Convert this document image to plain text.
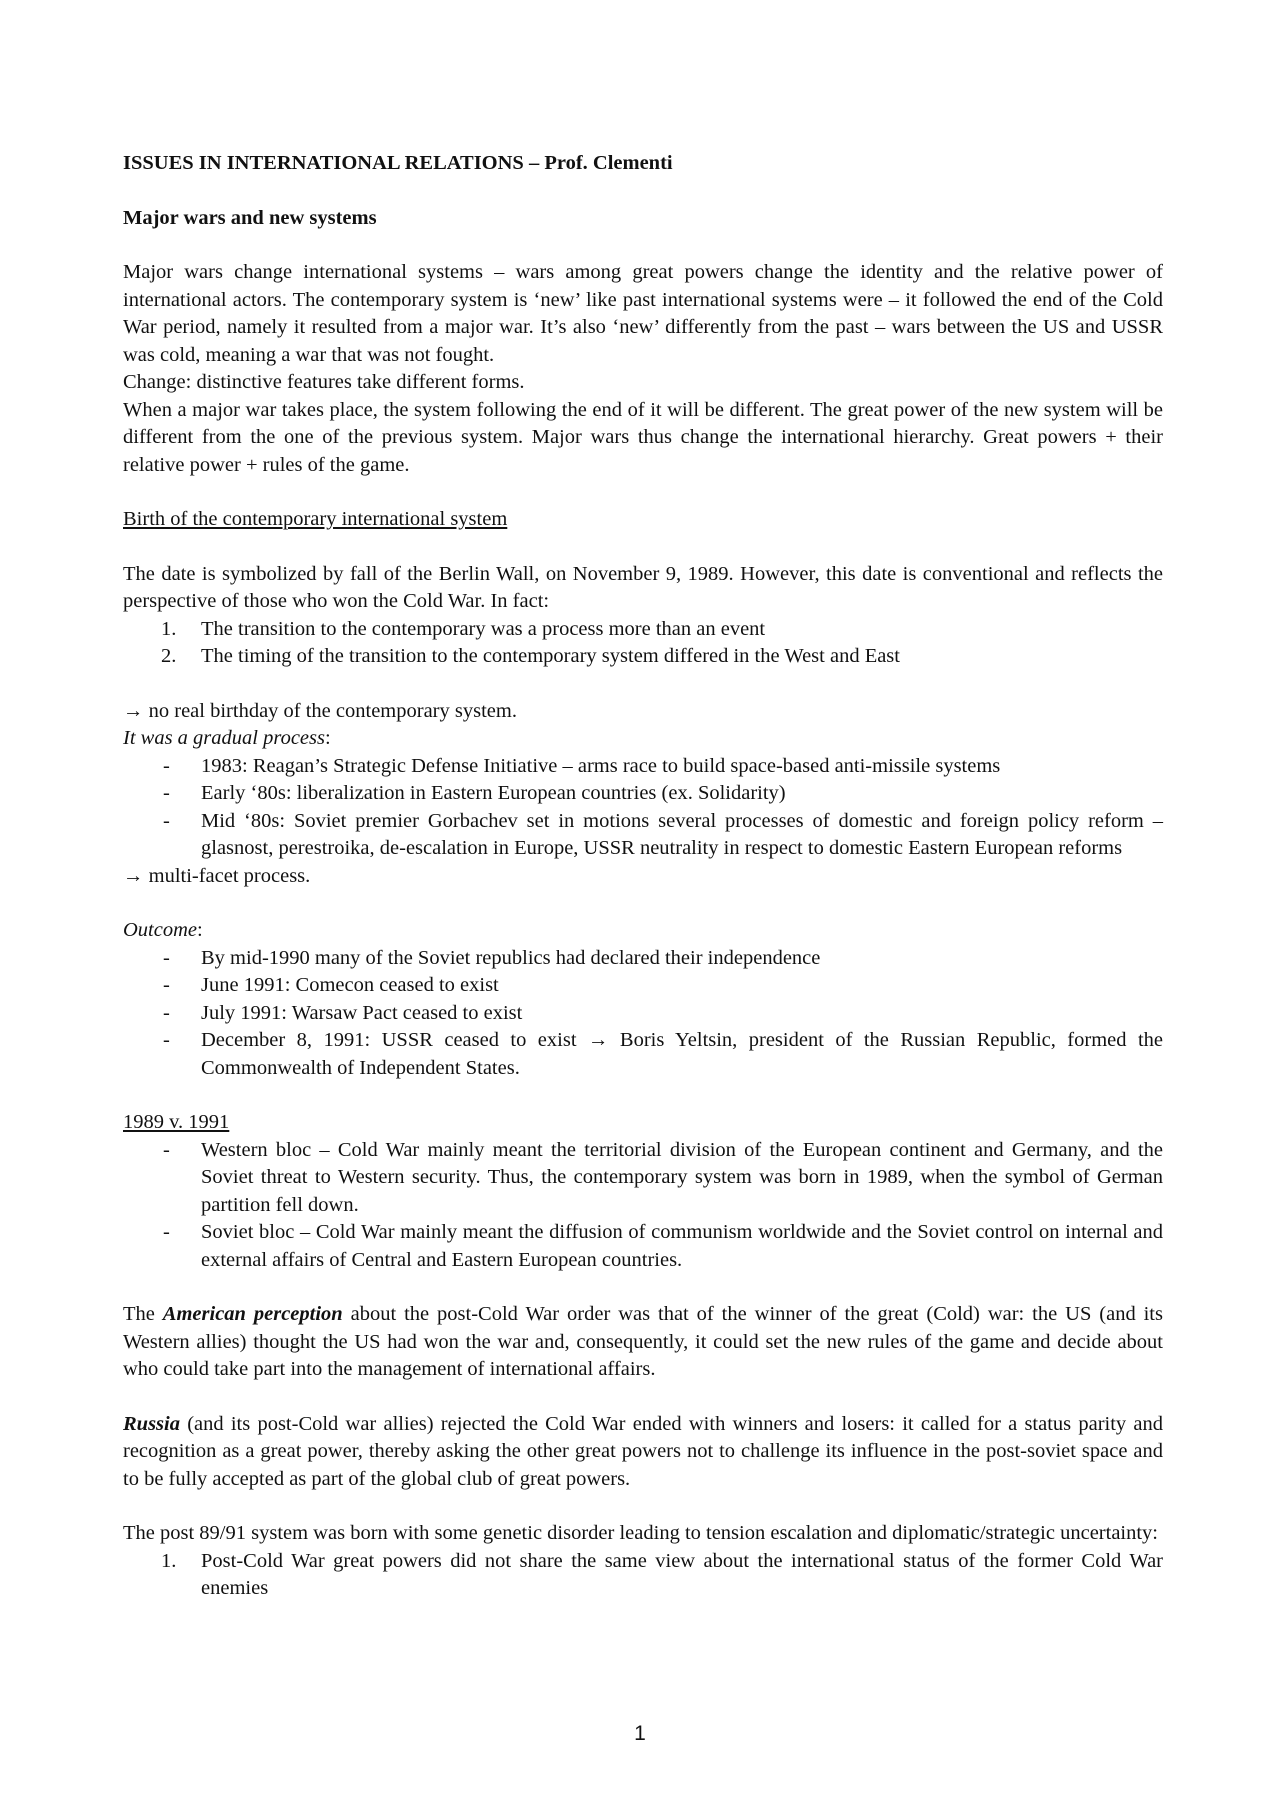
ISSUES IN INTERNATIONAL RELATIONS – Prof. Clementi

Major wars and new systems

Major wars change international systems – wars among great powers change the identity and the relative power of international actors. The contemporary system is ‘new’ like past international systems were – it followed the end of the Cold War period, namely it resulted from a major war. It’s also ‘new’ differently from the past – wars between the US and USSR was cold, meaning a war that was not fought.

Change: distinctive features take different forms.

When a major war takes place, the system following the end of it will be different. The great power of the new system will be different from the one of the previous system. Major wars thus change the international hierarchy. Great powers + their relative power + rules of the game.

Birth of the contemporary international system

The date is symbolized by fall of the Berlin Wall, on November 9, 1989. However, this date is conventional and reflects the perspective of those who won the Cold War. In fact:

1. The transition to the contemporary was a process more than an event
2. The timing of the transition to the contemporary system differed in the West and East

→ no real birthday of the contemporary system.

It was a gradual process:

- 1983: Reagan’s Strategic Defense Initiative – arms race to build space-based anti-missile systems
- Early ‘80s: liberalization in Eastern European countries (ex. Solidarity)
- Mid ‘80s: Soviet premier Gorbachev set in motions several processes of domestic and foreign policy reform – glasnost, perestroika, de-escalation in Europe, USSR neutrality in respect to domestic Eastern European reforms

→ multi-facet process.

Outcome:

- By mid-1990 many of the Soviet republics had declared their independence
- June 1991: Comecon ceased to exist
- July 1991: Warsaw Pact ceased to exist
- December 8, 1991: USSR ceased to exist → Boris Yeltsin, president of the Russian Republic, formed the Commonwealth of Independent States.

1989 v. 1991

- Western bloc – Cold War mainly meant the territorial division of the European continent and Germany, and the Soviet threat to Western security. Thus, the contemporary system was born in 1989, when the symbol of German partition fell down.
- Soviet bloc – Cold War mainly meant the diffusion of communism worldwide and the Soviet control on internal and external affairs of Central and Eastern European countries.

The American perception about the post-Cold War order was that of the winner of the great (Cold) war: the US (and its Western allies) thought the US had won the war and, consequently, it could set the new rules of the game and decide about who could take part into the management of international affairs.

Russia (and its post-Cold war allies) rejected the Cold War ended with winners and losers: it called for a status parity and recognition as a great power, thereby asking the other great powers not to challenge its influence in the post-soviet space and to be fully accepted as part of the global club of great powers.

The post 89/91 system was born with some genetic disorder leading to tension escalation and diplomatic/strategic uncertainty:

1. Post-Cold War great powers did not share the same view about the international status of the former Cold War enemies
1
